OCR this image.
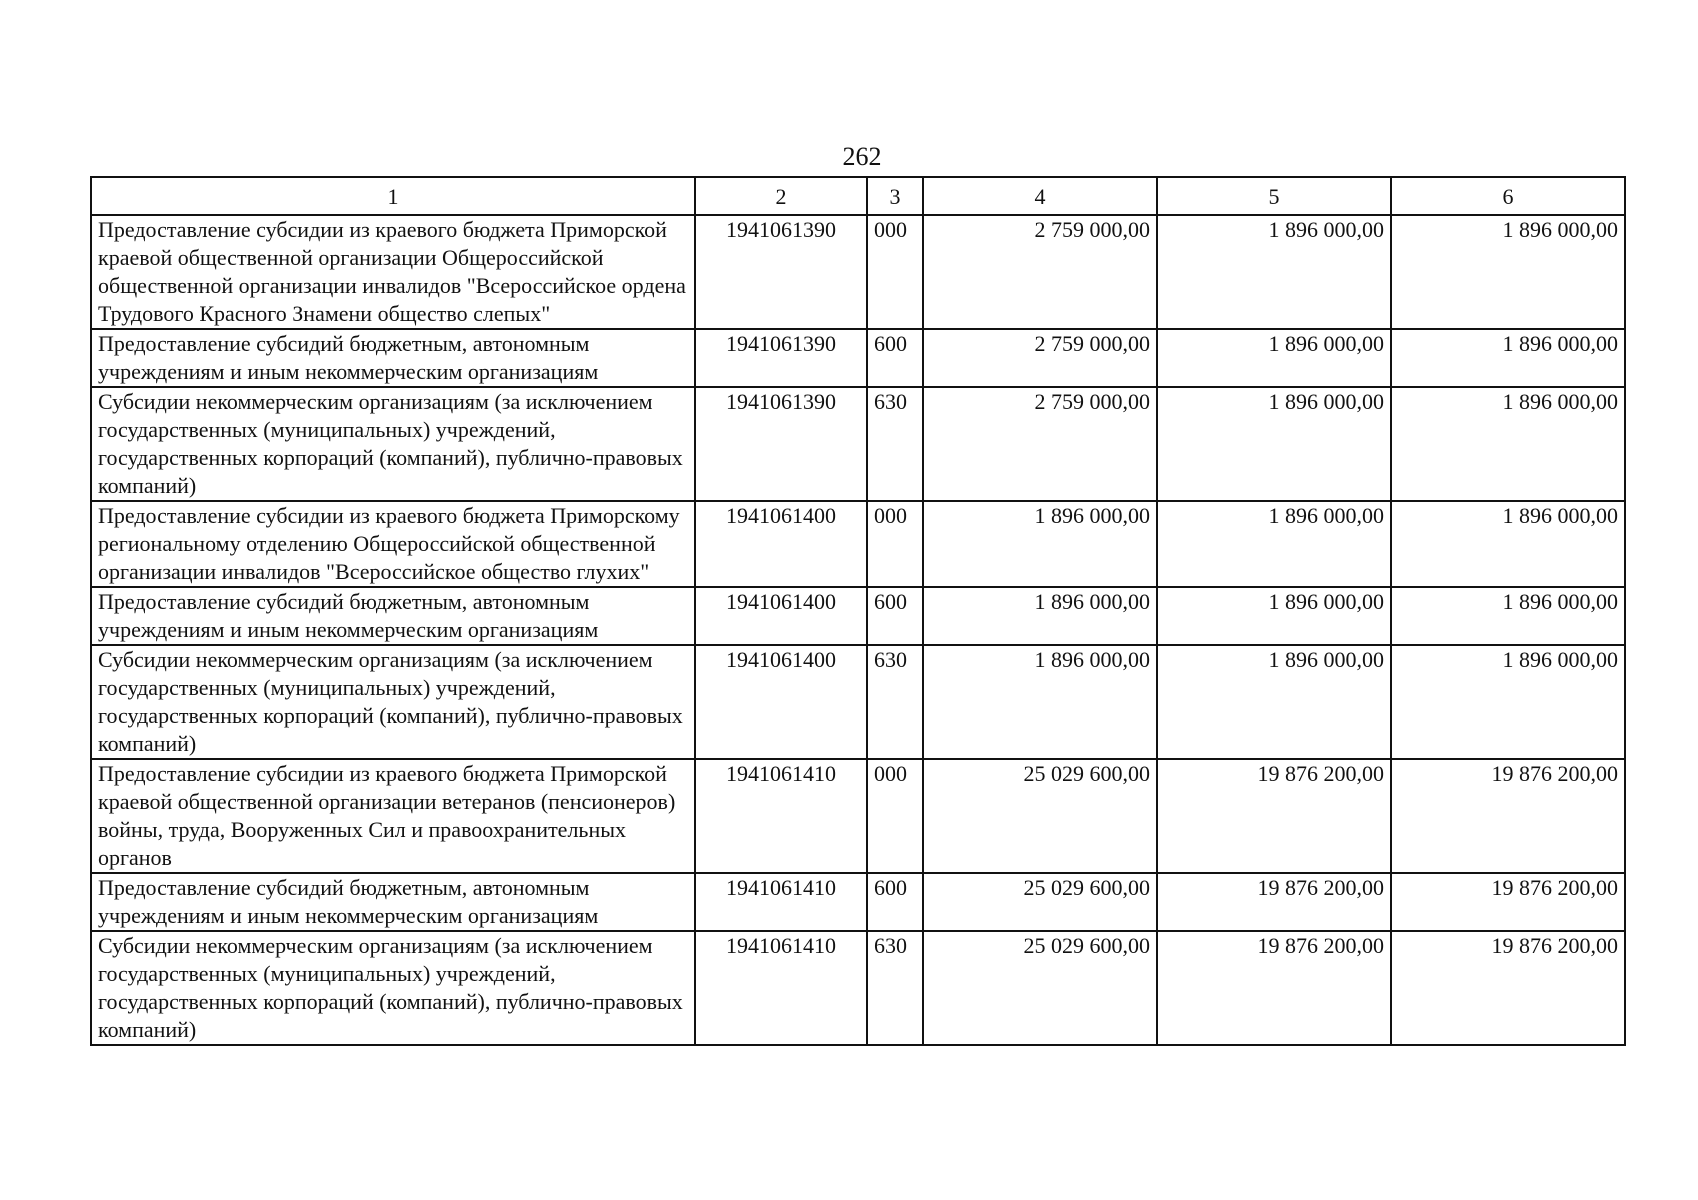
262
1	2	3	4	5	6
Предоставление субсидии из краевого бюджета Приморской краевой общественной организации Общероссийской общественной организации инвалидов "Всероссийское ордена Трудового Красного Знамени общество слепых"	1941061390	000	2 759 000,00	1 896 000,00	1 896 000,00
Предоставление субсидий бюджетным, автономным учреждениям и иным некоммерческим организациям	1941061390	600	2 759 000,00	1 896 000,00	1 896 000,00
Субсидии некоммерческим организациям (за исключением государственных (муниципальных) учреждений, государственных корпораций (компаний), публично-правовых компаний)	1941061390	630	2 759 000,00	1 896 000,00	1 896 000,00
Предоставление субсидии из краевого бюджета Приморскому региональному отделению Общероссийской общественной организации инвалидов "Всероссийское общество глухих"	1941061400	000	1 896 000,00	1 896 000,00	1 896 000,00
Предоставление субсидий бюджетным, автономным учреждениям и иным некоммерческим организациям	1941061400	600	1 896 000,00	1 896 000,00	1 896 000,00
Субсидии некоммерческим организациям (за исключением государственных (муниципальных) учреждений, государственных корпораций (компаний), публично-правовых компаний)	1941061400	630	1 896 000,00	1 896 000,00	1 896 000,00
Предоставление субсидии из краевого бюджета Приморской краевой общественной организации ветеранов (пенсионеров) войны, труда, Вооруженных Сил и правоохранительных органов	1941061410	000	25 029 600,00	19 876 200,00	19 876 200,00
Предоставление субсидий бюджетным, автономным учреждениям и иным некоммерческим организациям	1941061410	600	25 029 600,00	19 876 200,00	19 876 200,00
Субсидии некоммерческим организациям (за исключением государственных (муниципальных) учреждений, государственных корпораций (компаний), публично-правовых компаний)	1941061410	630	25 029 600,00	19 876 200,00	19 876 200,00
